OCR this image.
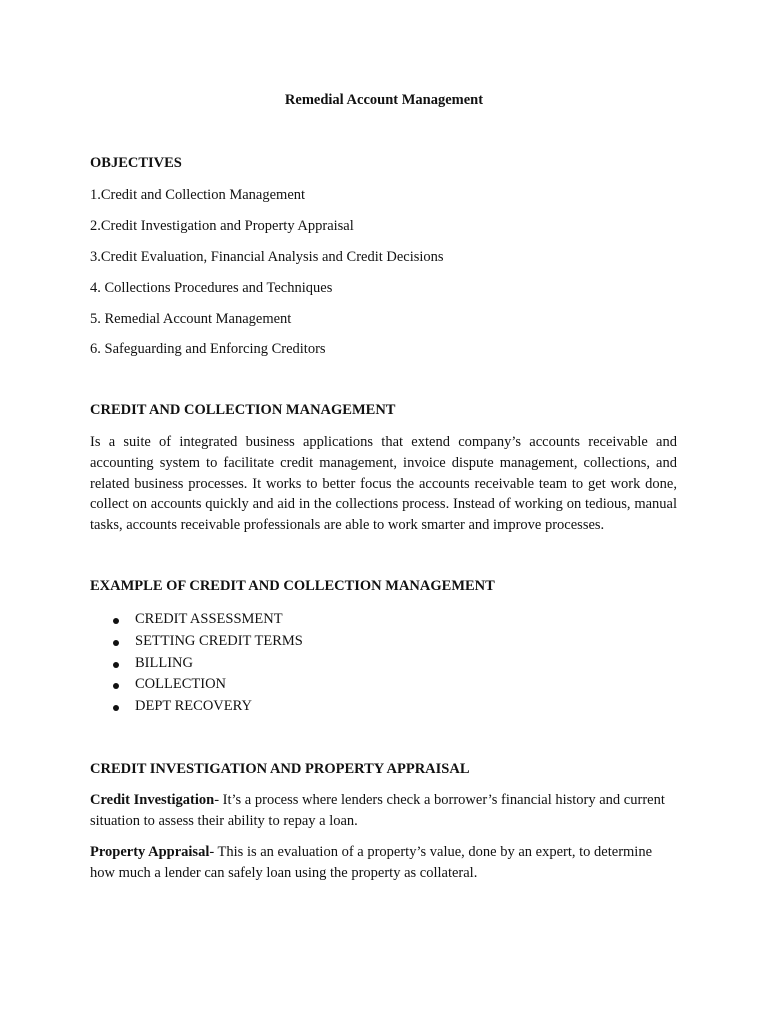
Remedial Account Management
OBJECTIVES
1.Credit and Collection Management
2.Credit Investigation and Property Appraisal
3.Credit Evaluation, Financial Analysis and Credit Decisions
4. Collections Procedures and Techniques
5. Remedial Account Management
6. Safeguarding and Enforcing Creditors
CREDIT AND COLLECTION MANAGEMENT
Is a suite of integrated business applications that extend company’s accounts receivable and accounting system to facilitate credit management, invoice dispute management, collections, and related business processes. It works to better focus the accounts receivable team to get work done, collect on accounts quickly and aid in the collections process. Instead of working on tedious, manual tasks, accounts receivable professionals are able to work smarter and improve processes.
EXAMPLE OF CREDIT AND COLLECTION MANAGEMENT
CREDIT ASSESSMENT
SETTING CREDIT TERMS
BILLING
COLLECTION
DEPT RECOVERY
CREDIT INVESTIGATION AND PROPERTY APPRAISAL
Credit Investigation- It’s a process where lenders check a borrower’s financial history and current situation to assess their ability to repay a loan.
Property Appraisal- This is an evaluation of a property’s value, done by an expert, to determine how much a lender can safely loan using the property as collateral.
